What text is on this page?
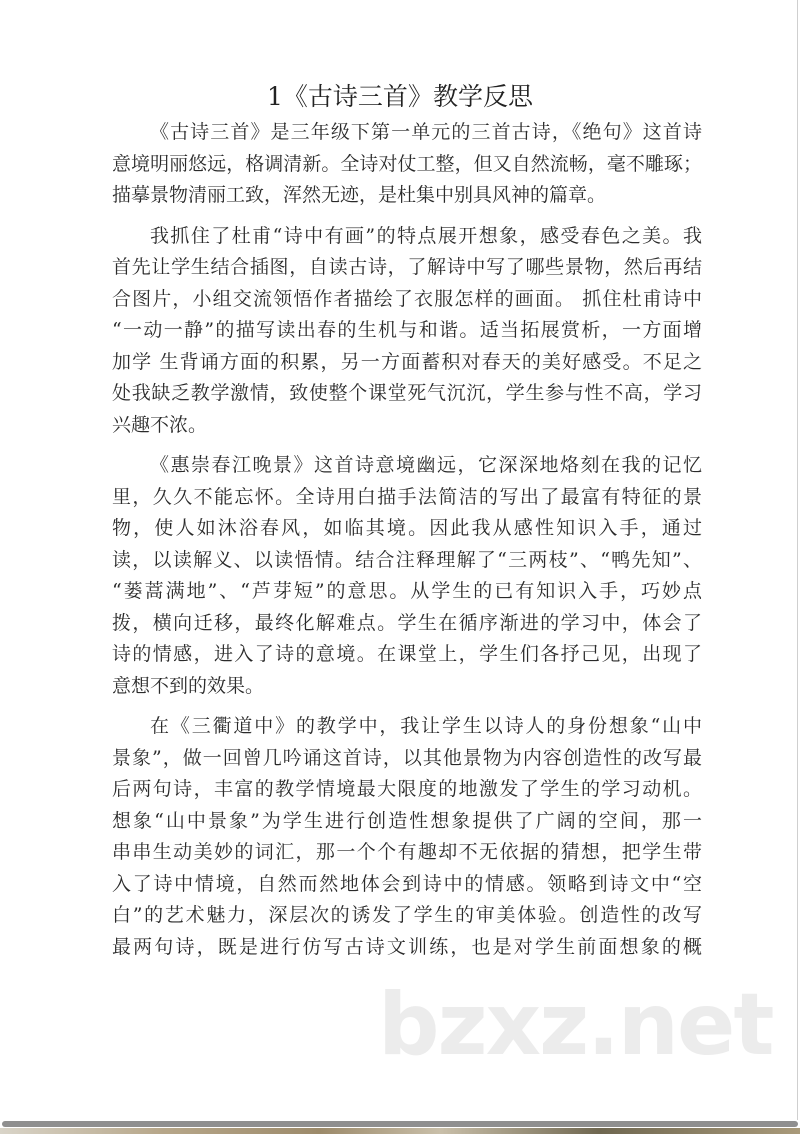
1《古诗三首》教学反思
《古诗三首》是三年级下第一单元的三首古诗，《绝句》这首诗
意境明丽悠远，格调清新。全诗对仗工整，但又自然流畅，毫不雕琢；
描摹景物清丽工致，浑然无迹，是杜集中别具风神的篇章。
我抓住了杜甫“诗中有画”的特点展开想象，感受春色之美。我
首先让学生结合插图，自读古诗，了解诗中写了哪些景物，然后再结
合图片，小组交流领悟作者描绘了衣服怎样的画面。 抓住杜甫诗中
“一动一静”的描写读出春的生机与和谐。适当拓展赏析，一方面增
加学 生背诵方面的积累，另一方面蓄积对春天的美好感受。不足之
处我缺乏教学激情，致使整个课堂死气沉沉，学生参与性不高，学习
兴趣不浓。
《惠崇春江晚景》这首诗意境幽远，它深深地烙刻在我的记忆
里，久久不能忘怀。全诗用白描手法简洁的写出了最富有特征的景
物，使人如沐浴春风，如临其境。因此我从感性知识入手，通过
读，以读解义、以读悟情。结合注释理解了“三两枝”、“鸭先知”、
“蒌蒿满地”、“芦芽短”的意思。从学生的已有知识入手，巧妙点
拨，横向迁移，最终化解难点。学生在循序渐进的学习中，体会了
诗的情感，进入了诗的意境。在课堂上，学生们各抒己见，出现了
意想不到的效果。
在《三衢道中》的教学中，我让学生以诗人的身份想象“山中
景象”，做一回曾几吟诵这首诗，以其他景物为内容创造性的改写最
后两句诗，丰富的教学情境最大限度的地激发了学生的学习动机。
想象“山中景象”为学生进行创造性想象提供了广阔的空间，那一
串串生动美妙的词汇，那一个个有趣却不无依据的猜想，把学生带
入了诗中情境，自然而然地体会到诗中的情感。领略到诗文中“空
白”的艺术魅力，深层次的诱发了学生的审美体验。创造性的改写
最两句诗，既是进行仿写古诗文训练，也是对学生前面想象的概
bzxz.net
